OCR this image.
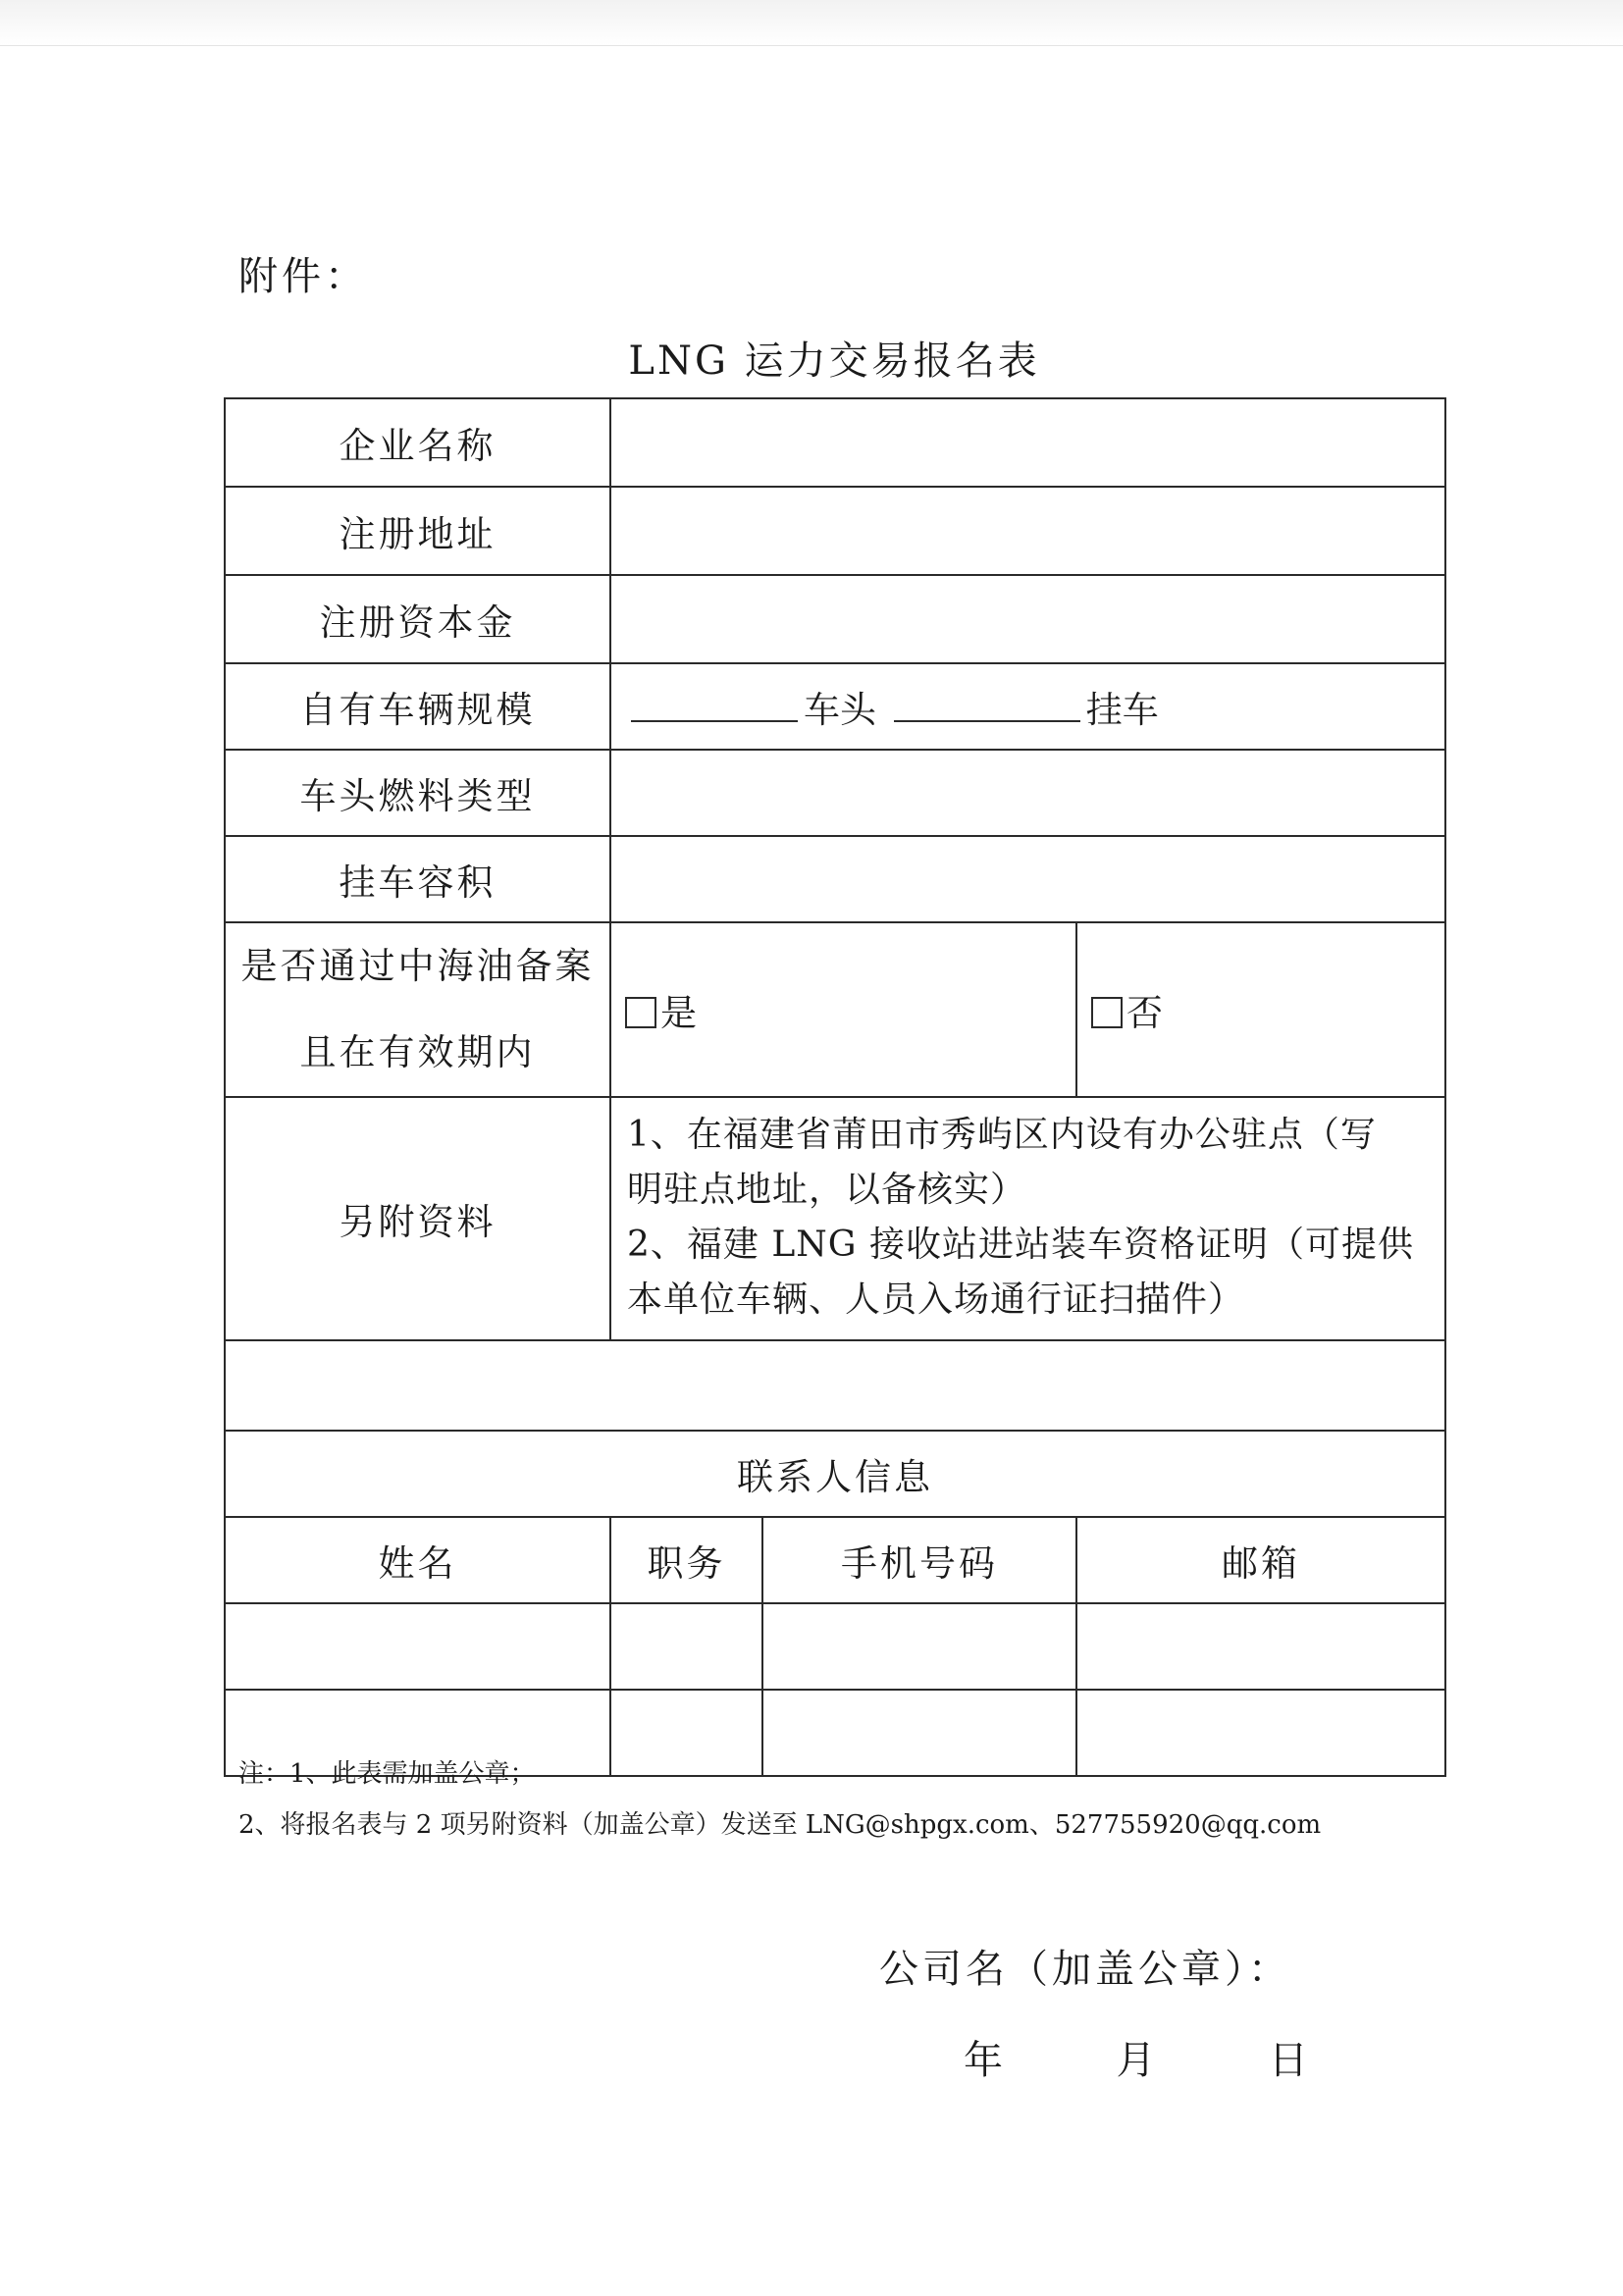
附件：
LNG 运力交易报名表
企业名称			
注册地址			
注册资本金			
自有车辆规模	车头 挂车		
车头燃料类型			
挂车容积			

是否通过中海油备案
且在有效期内	是		否
另附资料	1、在福建省莆田市秀屿区内设有办公驻点（写
明驻点地址，以备核实）
2、福建 LNG 接收站进站装车资格证明（可提供
本单位车辆、人员入场通行证扫描件）		

联系人信息			
姓名	职务	手机号码	邮箱

注：1、此表需加盖公章；
2、将报名表与 2 项另附资料（加盖公章）发送至 LNG@shpgx.com、527755920@qq.com
公司名（加盖公章）：
年	月	日
